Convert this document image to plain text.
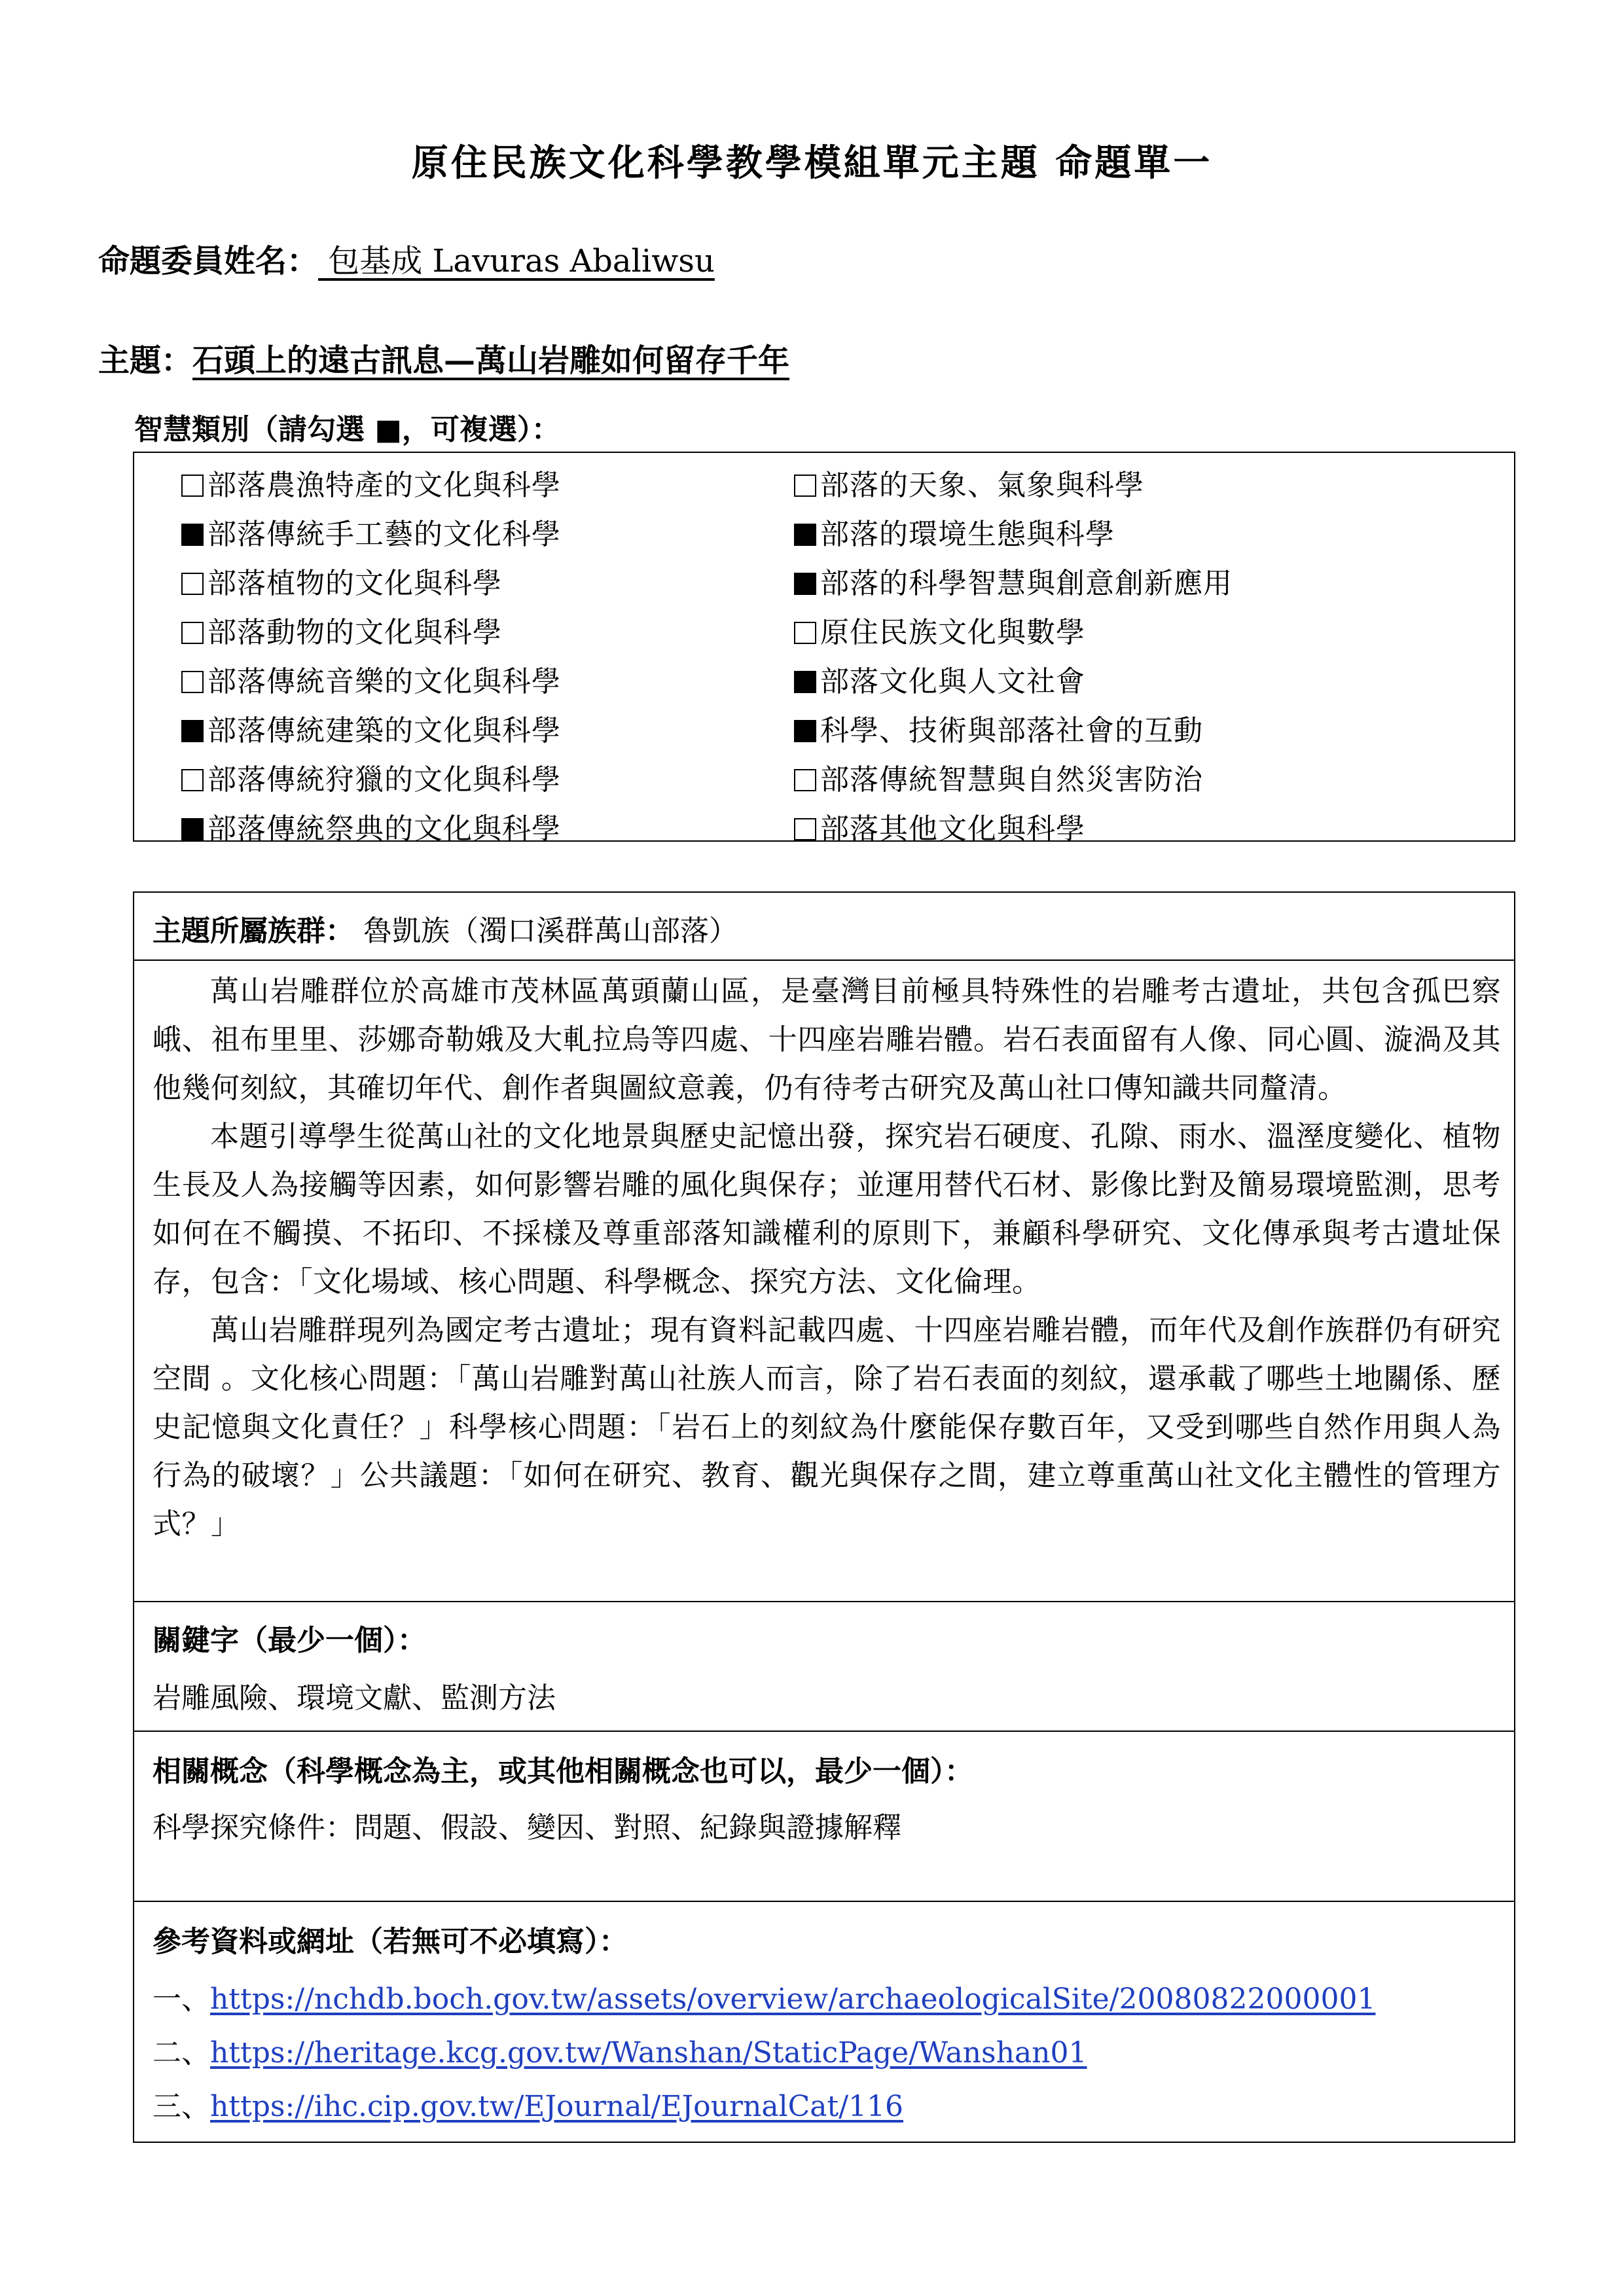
原住民族文化科學教學模組單元主題 命題單一
命題委員姓名： 包基成 Lavuras Abaliwsu
主題：石頭上的遠古訊息—萬山岩雕如何留存千年
智慧類別（請勾選 ■，可複選）：
部落農漁特產的文化與科學
部落傳統手工藝的文化科學
部落植物的文化與科學
部落動物的文化與科學
部落傳統音樂的文化與科學
部落傳統建築的文化與科學
部落傳統狩獵的文化與科學
部落傳統祭典的文化與科學
部落的天象、氣象與科學
部落的環境生態與科學
部落的科學智慧與創意創新應用
原住民族文化與數學
部落文化與人文社會
科學、技術與部落社會的互動
部落傳統智慧與自然災害防治
部落其他文化與科學
主題所屬族群： 魯凱族（濁口溪群萬山部落）

萬山岩雕群位於高雄市茂林區萬頭蘭山區，是臺灣目前極具特殊性的岩雕考古遺址，共包含孤巴察峨、祖布里里、莎娜奇勒娥及大軋拉烏等四處、十四座岩雕岩體。岩石表面留有人像、同心圓、漩渦及其他幾何刻紋，其確切年代、創作者與圖紋意義，仍有待考古研究及萬山社口傳知識共同釐清。

本題引導學生從萬山社的文化地景與歷史記憶出發，探究岩石硬度、孔隙、雨水、溫溼度變化、植物生長及人為接觸等因素，如何影響岩雕的風化與保存；並運用替代石材、影像比對及簡易環境監測，思考如何在不觸摸、不拓印、不採樣及尊重部落知識權利的原則下，兼顧科學研究、文化傳承與考古遺址保存，包含：「文化場域、核心問題、科學概念、探究方法、文化倫理。

萬山岩雕群現列為國定考古遺址；現有資料記載四處、十四座岩雕岩體，而年代及創作族群仍有研究空間 。文化核心問題：「萬山岩雕對萬山社族人而言，除了岩石表面的刻紋，還承載了哪些土地關係、歷史記憶與文化責任？」科學核心問題：「岩石上的刻紋為什麼能保存數百年，又受到哪些自然作用與人為行為的破壞？」公共議題：「如何在研究、教育、觀光與保存之間，建立尊重萬山社文化主體性的管理方式？」

關鍵字（最少一個）：
岩雕風險、環境文獻、監測方法
相關概念（科學概念為主，或其他相關概念也可以，最少一個）：
科學探究條件：問題、假設、變因、對照、紀錄與證據解釋
參考資料或網址（若無可不必填寫）：
一、https://nchdb.boch.gov.tw/assets/overview/archaeologicalSite/20080822000001
二、https://heritage.kcg.gov.tw/Wanshan/StaticPage/Wanshan01
三、https://ihc.cip.gov.tw/EJournal/EJournalCat/116
